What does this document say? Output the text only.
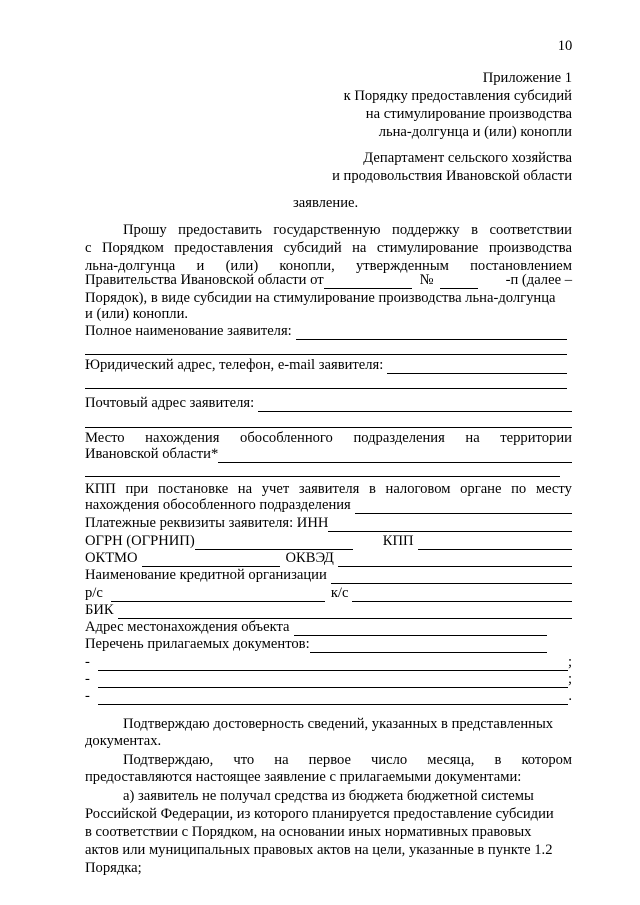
10
Приложение 1
к Порядку предоставления субсидий
на стимулирование производства
льна-долгунца и (или) конопли
Департамент сельского хозяйства
и продовольствия Ивановской области
заявление.
Прошу предоставить государственную поддержку в соответствии
с Порядком предоставления субсидий на стимулирование производства
льна-долгунца и (или) конопли, утвержденным постановлением
Правительства Ивановской области от	№	-п (далее –
Порядок), в виде субсидии на стимулирование производства льна-долгунца
и (или) конопли.
Полное наименование заявителя:
Юридический адрес, телефон, e-mail заявителя:
Почтовый адрес заявителя:
Место нахождения обособленного подразделения на территории
Ивановской области*
КПП при постановке на учет заявителя в налоговом органе по месту
нахождения обособленного подразделения
Платежные реквизиты заявителя: ИНН
ОГРН (ОГРНИП)	КПП
ОКТМО	ОКВЭД
Наименование кредитной организации
р/с	к/с
БИК
Адрес местонахождения объекта
Перечень прилагаемых документов:
-	;
-	;
-	.
Подтверждаю достоверность сведений, указанных в представленных
документах.
Подтверждаю, что на первое число месяца, в котором
предоставляются настоящее заявление с прилагаемыми документами:
а) заявитель не получал средства из бюджета бюджетной системы
Российской Федерации, из которого планируется предоставление субсидии
в соответствии с Порядком, на основании иных нормативных правовых
актов или муниципальных правовых актов на цели, указанные в пункте 1.2
Порядка;
